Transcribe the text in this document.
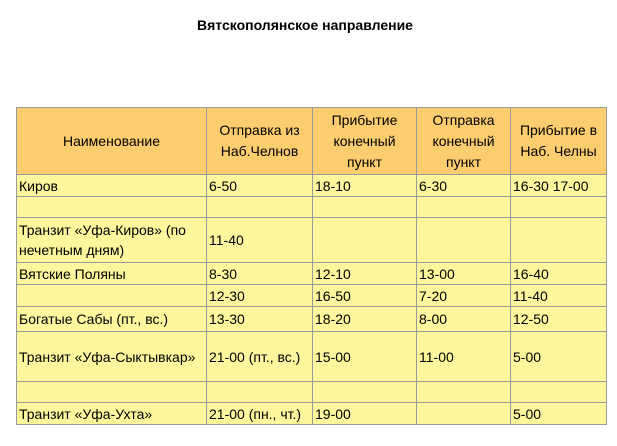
Вятскополянское направление
Наименование	Отправка из Наб.Челнов	Прибытие конечный пункт	Отправка конечный пункт	Прибытие в Наб. Челны
Киров	6-50	18-10	6-30	16-30 17-00

Транзит «Уфа-Киров» (по нечетным дням)	11-40			
Вятские Поляны	8-30	12-10	13-00	16-40
	12-30	16-50	7-20	11-40
Богатые Сабы (пт., вс.)	13-30	18-20	8-00	12-50
Транзит «Уфа-Сыктывкар»	21-00 (пт., вс.)	15-00	11-00	5-00

Транзит «Уфа-Ухта»	21-00 (пн., чт.)	19-00		5-00
